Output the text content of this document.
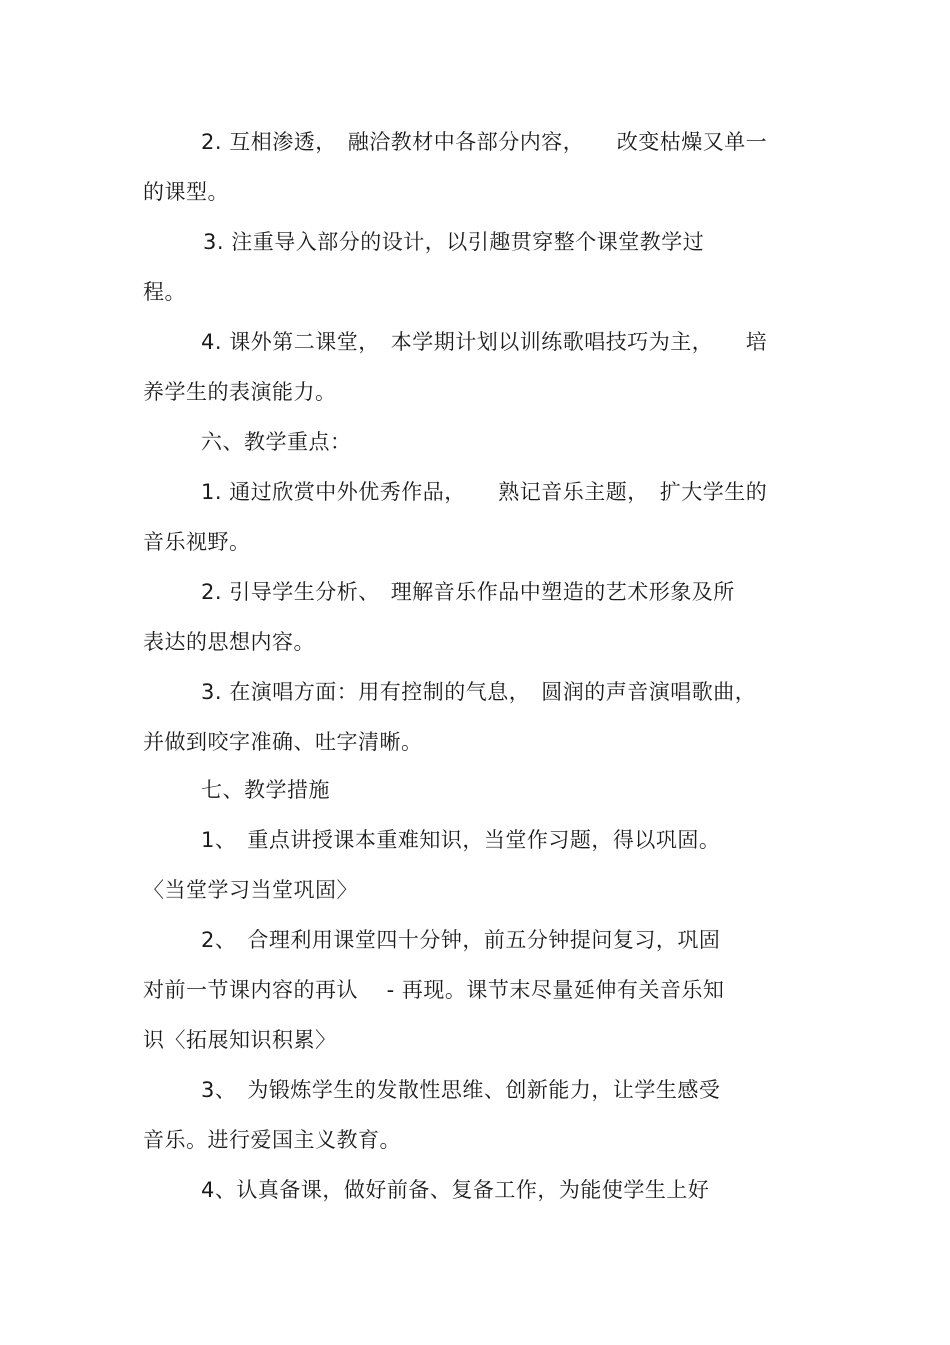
2. 互相渗透，　融洽教材中各部分内容，　　改变枯燥又单一
的课型。
3. 注重导入部分的设计，以引趣贯穿整个课堂教学过
程。
4. 课外第二课堂，　本学期计划以训练歌唱技巧为主，　　培
养学生的表演能力。
六、教学重点：
1. 通过欣赏中外优秀作品，　　熟记音乐主题，　扩大学生的
音乐视野。
2. 引导学生分析、　理解音乐作品中塑造的艺术形象及所
表达的思想内容。
3. 在演唱方面：用有控制的气息，　圆润的声音演唱歌曲，
并做到咬字准确、吐字清晰。
七、教学措施
1、　重点讲授课本重难知识，当堂作习题，得以巩固。
〈当堂学习当堂巩固〉
2、　合理利用课堂四十分钟，前五分钟提问复习，巩固
对前一节课内容的再认　 - 再现。课节末尽量延伸有关音乐知
识〈拓展知识积累〉
3、　为锻炼学生的发散性思维、创新能力，让学生感受
音乐。进行爱国主义教育。
4、认真备课，做好前备、复备工作，为能使学生上好
